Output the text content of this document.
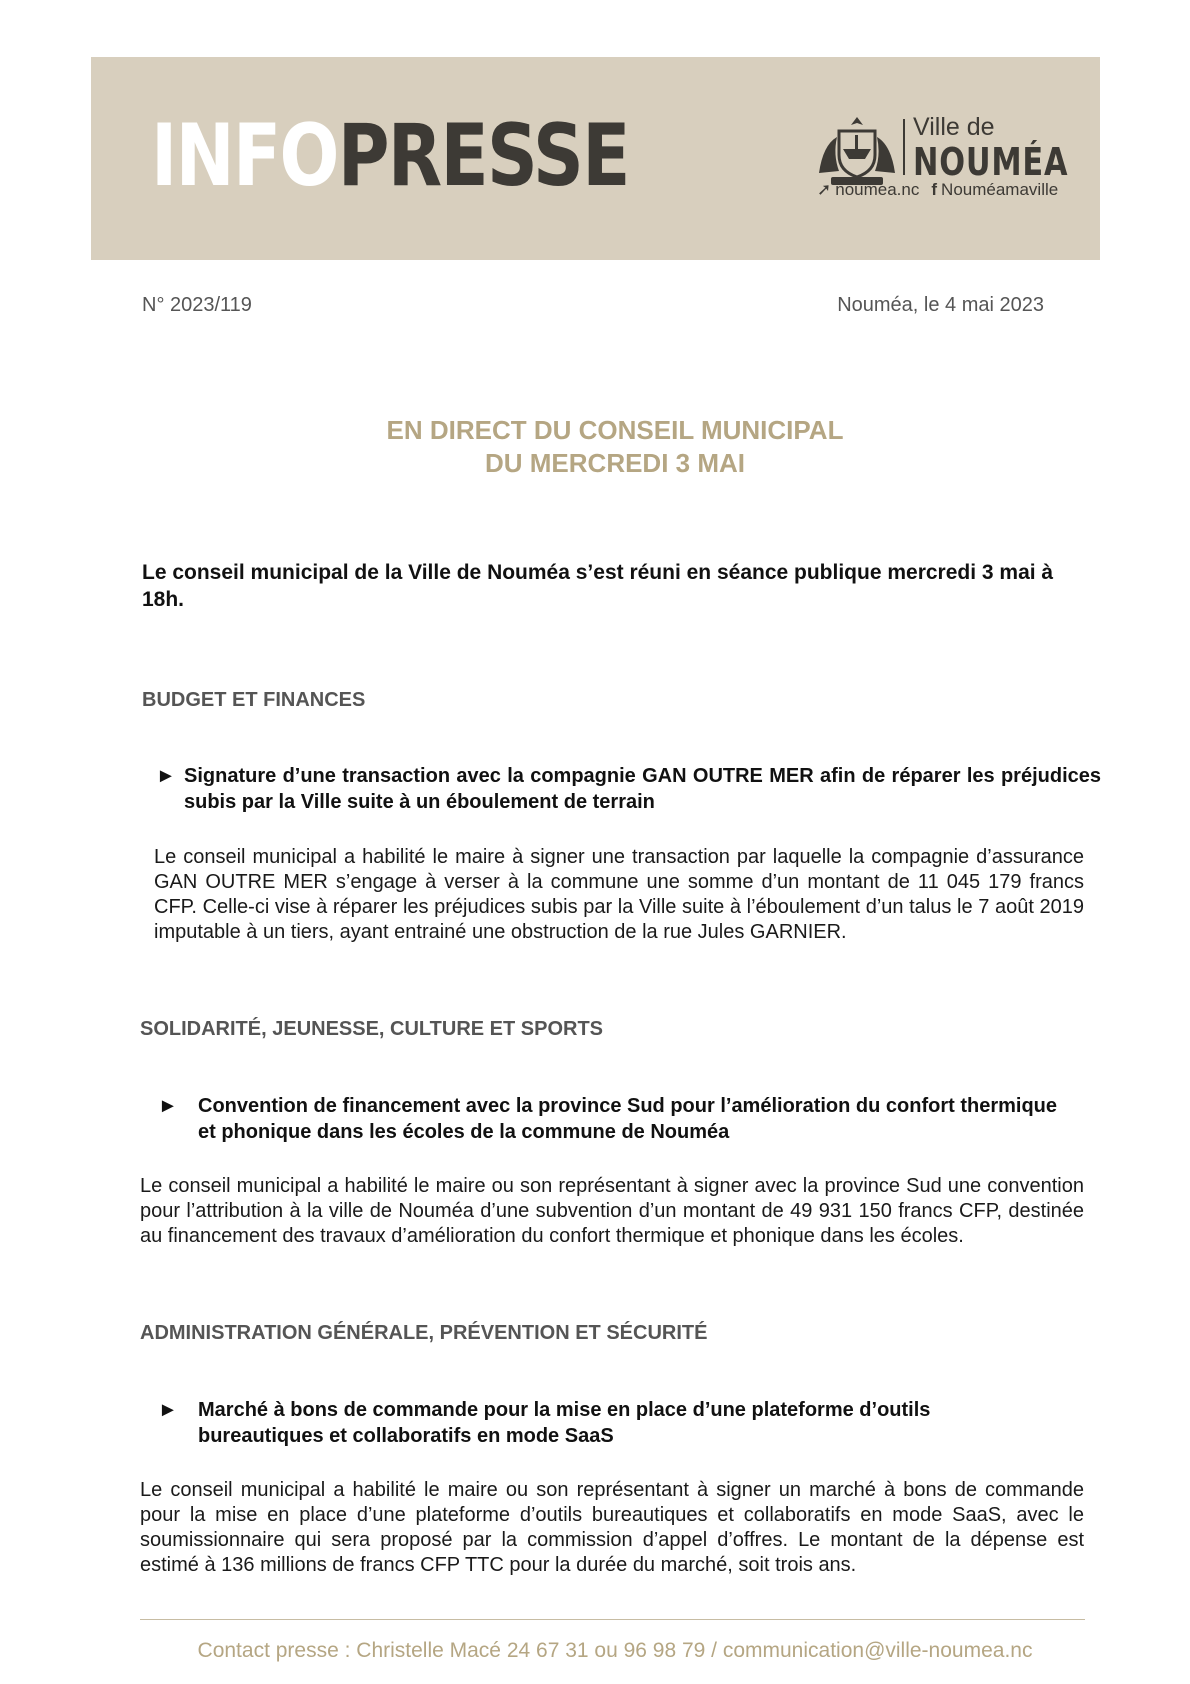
INFOPRESSE	Ville de
NOUMÉA
➚ noumea.nc f Nouméamaville
N° 2023/119	Nouméa, le 4 mai 2023
EN DIRECT DU CONSEIL MUNICIPAL
DU MERCREDI 3 MAI
Le conseil municipal de la Ville de Nouméa s’est réuni en séance publique mercredi 3 mai à 18h.
BUDGET ET FINANCES
► Signature d’une transaction avec la compagnie GAN OUTRE MER afin de réparer les préjudices subis par la Ville suite à un éboulement de terrain
Le conseil municipal a habilité le maire à signer une transaction par laquelle la compagnie d’assurance GAN OUTRE MER s’engage à verser à la commune une somme d’un montant de 11 045 179 francs CFP. Celle-ci vise à réparer les préjudices subis par la Ville suite à l’éboulement d’un talus le 7 août 2019 imputable à un tiers, ayant entrainé une obstruction de la rue Jules GARNIER.
SOLIDARITÉ, JEUNESSE, CULTURE ET SPORTS
►	Convention de financement avec la province Sud pour l’amélioration du confort thermique et phonique dans les écoles de la commune de Nouméa
Le conseil municipal a habilité le maire ou son représentant à signer avec la province Sud une convention pour l’attribution à la ville de Nouméa d’une subvention d’un montant de 49 931 150 francs CFP, destinée au financement des travaux d’amélioration du confort thermique et phonique dans les écoles.
ADMINISTRATION GÉNÉRALE, PRÉVENTION ET SÉCURITÉ
►	Marché à bons de commande pour la mise en place d’une plateforme d’outils bureautiques et collaboratifs en mode SaaS
Le conseil municipal a habilité le maire ou son représentant à signer un marché à bons de commande pour la mise en place d’une plateforme d’outils bureautiques et collaboratifs en mode SaaS, avec le soumissionnaire qui sera proposé par la commission d’appel d’offres. Le montant de la dépense est estimé à 136 millions de francs CFP TTC pour la durée du marché, soit trois ans.
Contact presse : Christelle Macé 24 67 31 ou 96 98 79 / communication@ville-noumea.nc
